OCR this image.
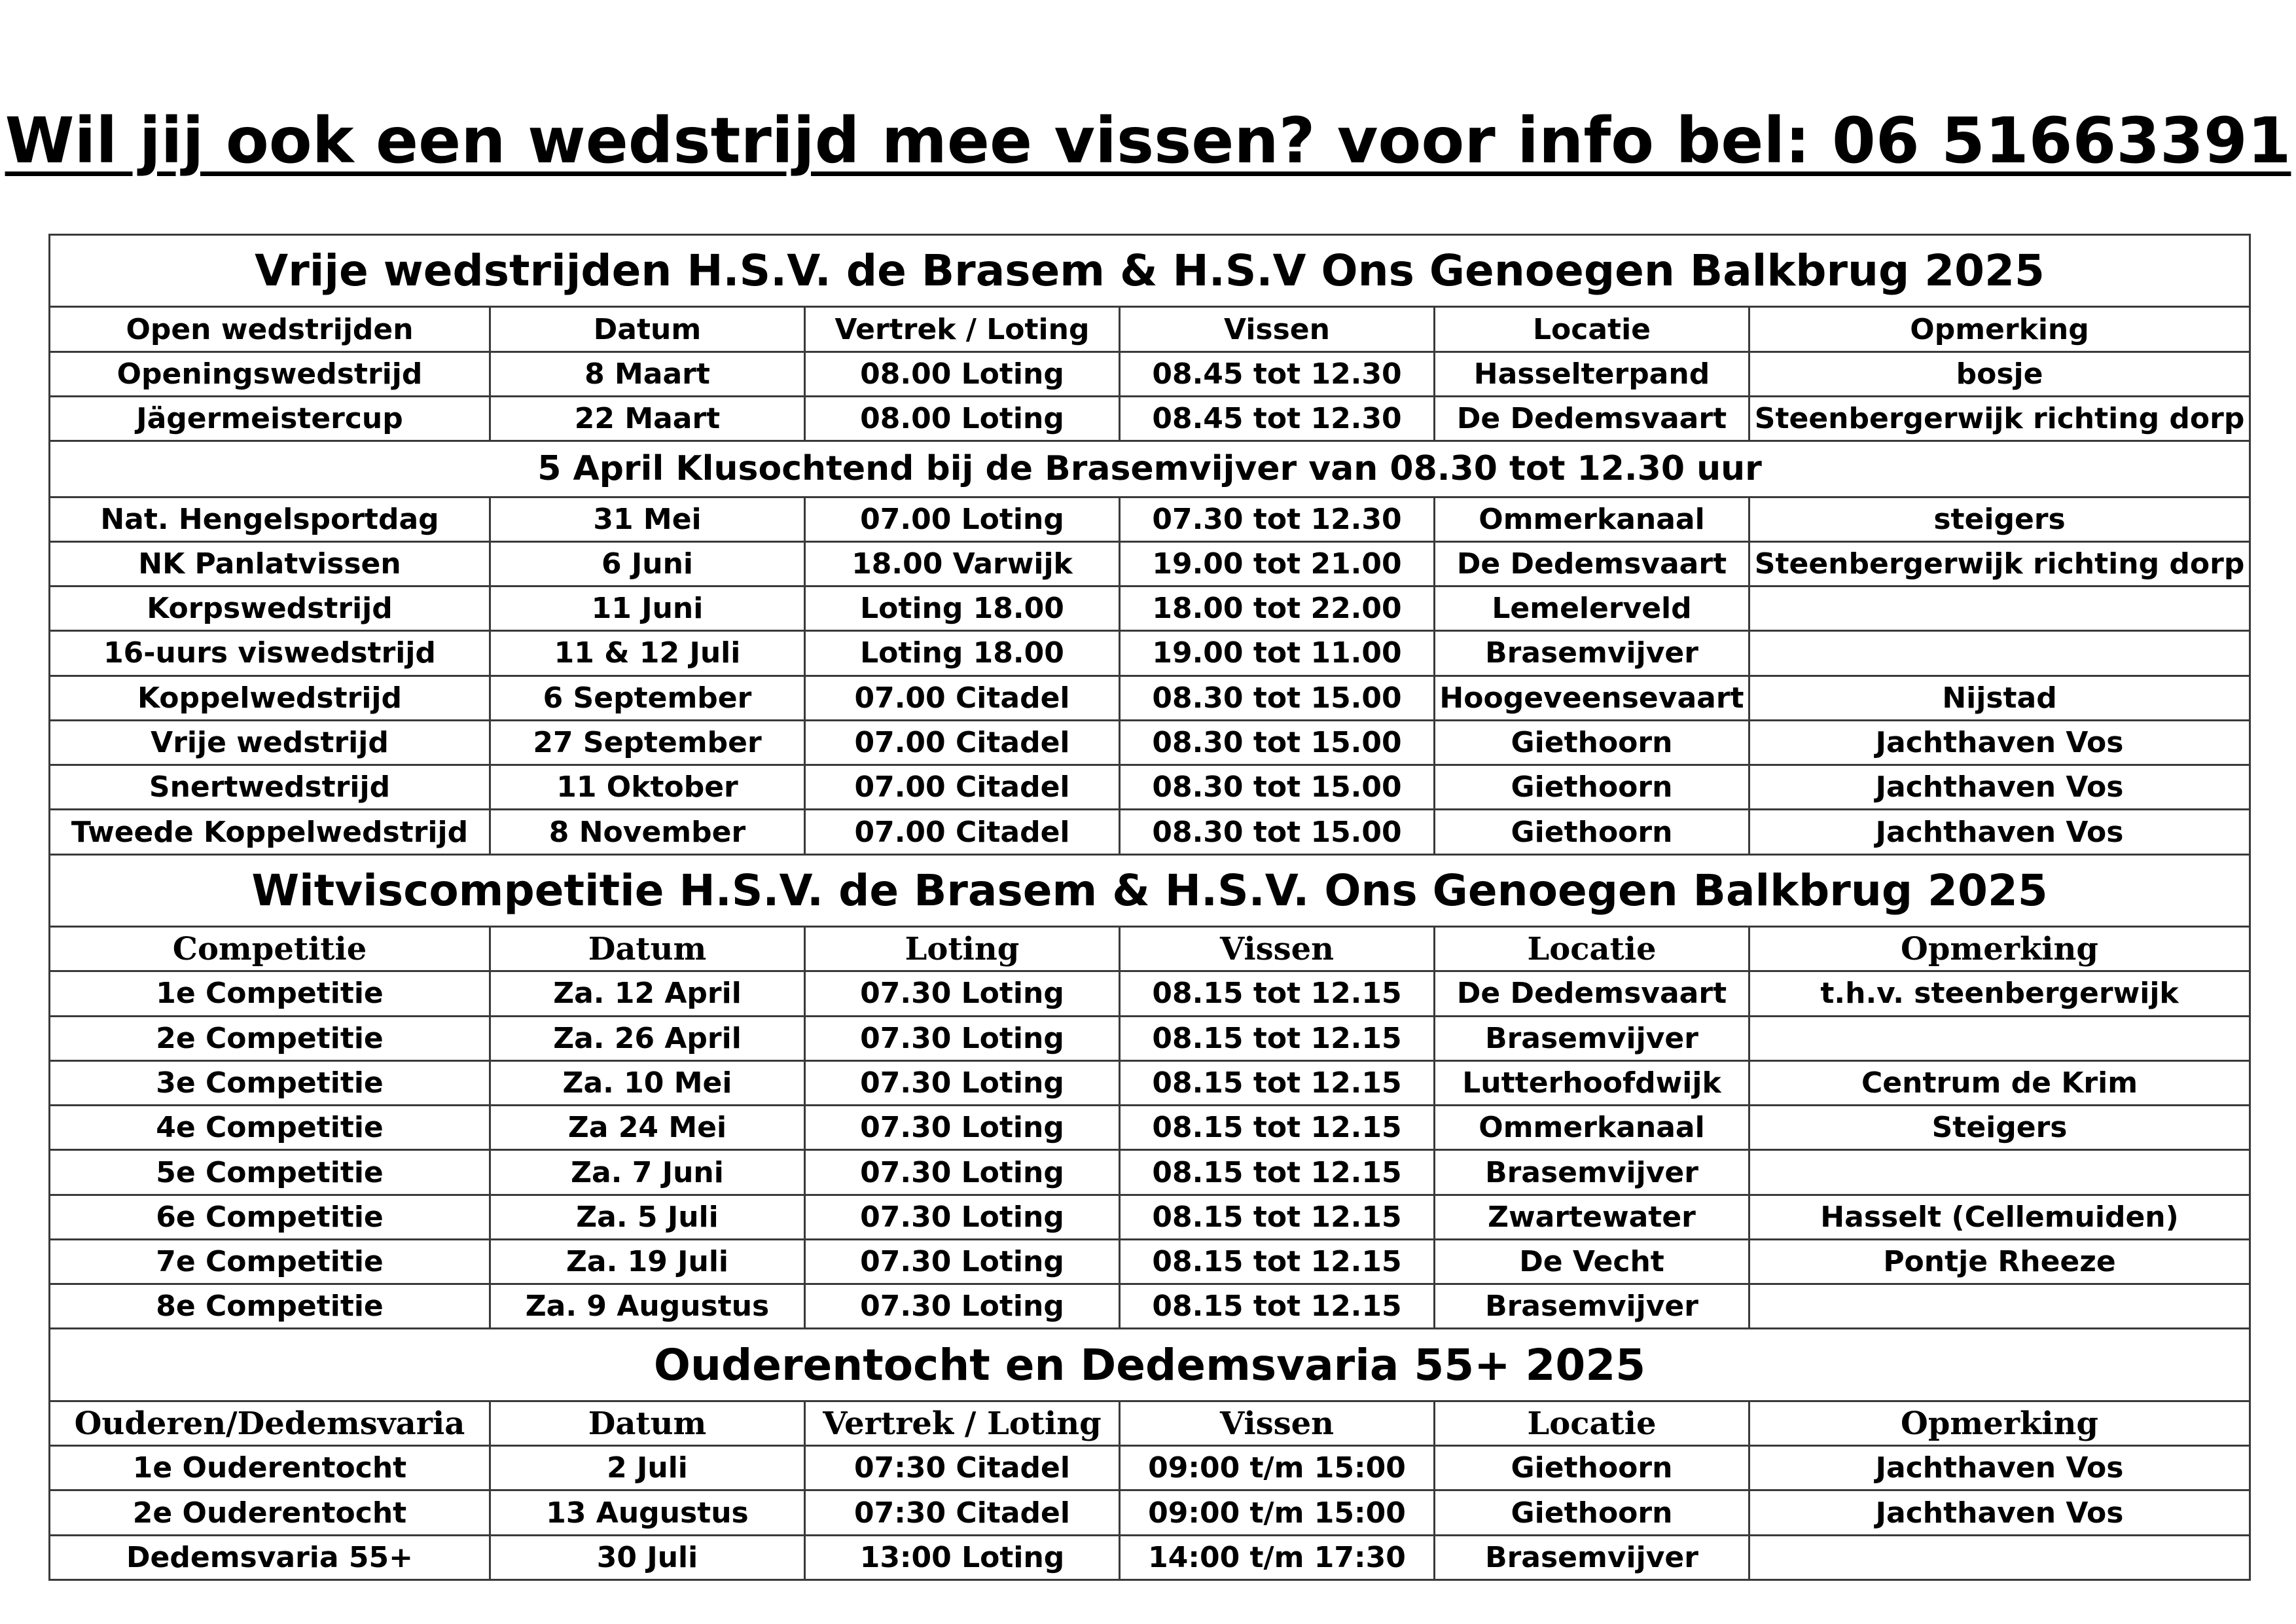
Wil jij ook een wedstrijd mee vissen? voor info bel: 06 51663391
Vrije wedstrijden H.S.V. de Brasem & H.S.V Ons Genoegen Balkbrug 2025					
Open wedstrijden	Datum	Vertrek / Loting	Vissen	Locatie	Opmerking
Openingswedstrijd	8 Maart	08.00 Loting	08.45 tot 12.30	Hasselterpand	bosje
Jägermeistercup	22 Maart	08.00 Loting	08.45 tot 12.30	De Dedemsvaart	Steenbergerwijk richting dorp
5 April Klusochtend bij de Brasemvijver van 08.30 tot 12.30 uur					
Nat. Hengelsportdag	31 Mei	07.00 Loting	07.30 tot 12.30	Ommerkanaal	steigers
NK Panlatvissen	6 Juni	18.00 Varwijk	19.00 tot 21.00	De Dedemsvaart	Steenbergerwijk richting dorp
Korpswedstrijd	11 Juni	Loting 18.00	18.00 tot 22.00	Lemelerveld	
16-uurs viswedstrijd	11 & 12 Juli	Loting 18.00	19.00 tot 11.00	Brasemvijver	
Koppelwedstrijd	6 September	07.00 Citadel	08.30 tot 15.00	Hoogeveensevaart	Nijstad
Vrije wedstrijd	27 September	07.00 Citadel	08.30 tot 15.00	Giethoorn	Jachthaven Vos
Snertwedstrijd	11 Oktober	07.00 Citadel	08.30 tot 15.00	Giethoorn	Jachthaven Vos
Tweede Koppelwedstrijd	8 November	07.00 Citadel	08.30 tot 15.00	Giethoorn	Jachthaven Vos
Witviscompetitie H.S.V. de Brasem & H.S.V. Ons Genoegen Balkbrug 2025					
Competitie	Datum	Loting	Vissen	Locatie	Opmerking
1e Competitie	Za. 12 April	07.30 Loting	08.15 tot 12.15	De Dedemsvaart	t.h.v. steenbergerwijk
2e Competitie	Za. 26 April	07.30 Loting	08.15 tot 12.15	Brasemvijver	
3e Competitie	Za. 10 Mei	07.30 Loting	08.15 tot 12.15	Lutterhoofdwijk	Centrum de Krim
4e Competitie	Za 24 Mei	07.30 Loting	08.15 tot 12.15	Ommerkanaal	Steigers
5e Competitie	Za. 7 Juni	07.30 Loting	08.15 tot 12.15	Brasemvijver	
6e Competitie	Za. 5 Juli	07.30 Loting	08.15 tot 12.15	Zwartewater	Hasselt (Cellemuiden)
7e Competitie	Za. 19 Juli	07.30 Loting	08.15 tot 12.15	De Vecht	Pontje Rheeze
8e Competitie	Za. 9 Augustus	07.30 Loting	08.15 tot 12.15	Brasemvijver	
Ouderentocht en Dedemsvaria 55+ 2025					
Ouderen/Dedemsvaria	Datum	Vertrek / Loting	Vissen	Locatie	Opmerking
1e Ouderentocht	2 Juli	07:30 Citadel	09:00 t/m 15:00	Giethoorn	Jachthaven Vos
2e Ouderentocht	13 Augustus	07:30 Citadel	09:00 t/m 15:00	Giethoorn	Jachthaven Vos
Dedemsvaria 55+	30 Juli	13:00 Loting	14:00 t/m 17:30	Brasemvijver	
